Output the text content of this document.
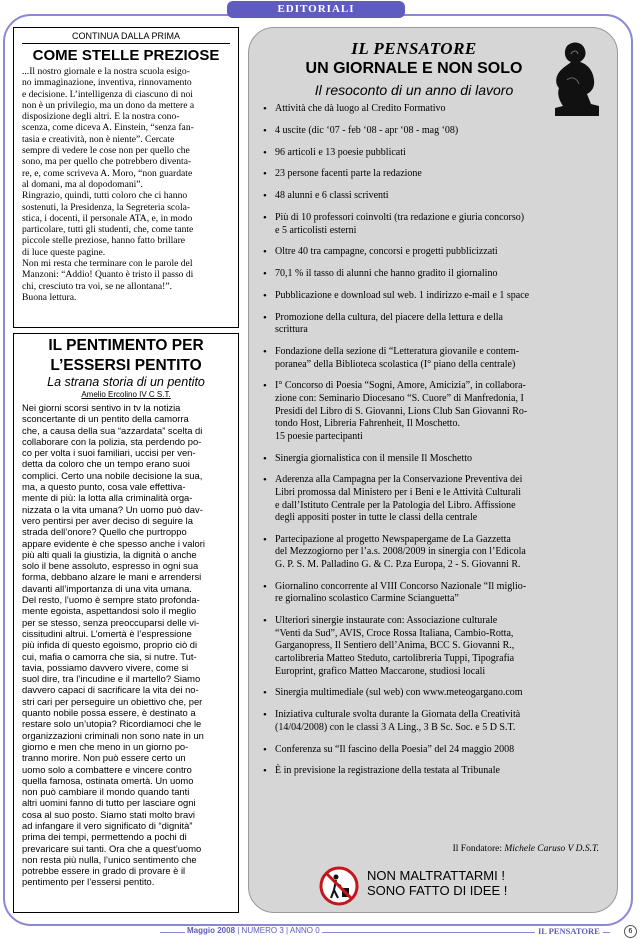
EDITORIALI
CONTINUA DALLA PRIMA
COME STELLE PREZIOSE
...Il nostro giornale e la nostra scuola esigo-
no immaginazione, inventiva, rinnovamento
e decisione. L’intelligenza di ciascuno di noi
non è un privilegio, ma un dono da mettere a
disposizione degli altri. E la nostra cono-
scenza, come diceva A. Einstein, “senza fan-
tasia e creatività, non è niente”. Cercate
sempre di vedere le cose non per quello che
sono, ma per quello che potrebbero diventa-
re, e, come scriveva A. Moro, “non guardate
al domani, ma al dopodomani”.
Ringrazio, quindi, tutti coloro che ci hanno
sostenuti, la Presidenza, la Segreteria scola-
stica, i docenti, il personale ATA, e, in modo
particolare, tutti gli studenti, che, come tante
piccole stelle preziose, hanno fatto brillare
di luce queste pagine.
Non mi resta che terminare con le parole del
Manzoni: “Addio! Quanto è tristo il passo di
chi, cresciuto tra voi, se ne allontana!”.
Buona lettura.
IL PENTIMENTO PER
L’ESSERSI PENTITO
La strana storia di un pentito
Amelio Ercolino IV C S.T.
Nei giorni scorsi sentivo in tv la notizia
sconcertante di un pentito della camorra
che, a causa della sua “azzardata” scelta di
collaborare con la polizia, sta perdendo po-
co per volta i suoi familiari, uccisi per ven-
detta da coloro che un tempo erano suoi
complici. Certo una nobile decisione la sua,
ma, a questo punto, cosa vale effettiva-
mente di più: la lotta alla criminalità orga-
nizzata o la vita umana? Un uomo può dav-
vero pentirsi per aver deciso di seguire la
strada dell’onore? Quello che purtroppo
appare evidente è che spesso anche i valori
più alti quali la giustizia, la dignità o anche
solo il bene assoluto, espresso in ogni sua
forma, debbano alzare le mani e arrendersi
davanti all’importanza di una vita umana.
Del resto, l’uomo è sempre stato profonda-
mente egoista, aspettandosi solo il meglio
per se stesso, senza preoccuparsi delle vi-
cissitudini altrui. L’omertà è l’espressione
più infida di questo egoismo, proprio ciò di
cui, mafia o camorra che sia, si nutre. Tut-
tavia, possiamo davvero vivere, come si
suol dire, tra l’incudine e il martello? Siamo
davvero capaci di sacrificare la vita dei no-
stri cari per perseguire un obiettivo che, per
quanto nobile possa essere, è destinato a
restare solo un’utopia? Ricordiamoci che le
organizzazioni criminali non sono nate in un
giorno e men che meno in un giorno po-
tranno morire. Non può essere certo un
uomo solo a combattere e vincere contro
quella famosa, ostinata omertà. Un uomo
non può cambiare il mondo quando tanti
altri uomini fanno di tutto per lasciare ogni
cosa al suo posto. Siamo stati molto bravi
ad infangare il vero significato di “dignità”
prima dei tempi, permettendo a pochi di
prevaricare sui tanti. Ora che a quest’uomo
non resta più nulla, l’unico sentimento che
potrebbe essere in grado di provare è il
pentimento per l’essersi pentito.
IL PENSATORE
UN GIORNALE E NON SOLO
Il resoconto di un anno di lavoro
• Attività che dà luogo al Credito Formativo
• 4 uscite (dic ‘07 - feb ‘08 - apr ‘08 - mag ‘08)
• 96 articoli e 13 poesie pubblicati
• 23 persone facenti parte la redazione
• 48 alunni e 6 classi scriventi
• Più di 10 professori coinvolti (tra redazione e giuria concorso)
e 5 articolisti esterni
• Oltre 40 tra campagne, concorsi e progetti pubblicizzati
• 70,1 % il tasso di alunni che hanno gradito il giornalino
• Pubblicazione e download sul web. 1 indirizzo e-mail e 1 space
• Promozione della cultura, del piacere della lettura e della
scrittura
• Fondazione della sezione di “Letteratura giovanile e contem-
poranea” della Biblioteca scolastica (I° piano della centrale)
• I° Concorso di Poesia “Sogni, Amore, Amicizia”, in collabora-
zione con: Seminario Diocesano “S. Cuore” di Manfredonia, I
Presidi del Libro di S. Giovanni, Lions Club San Giovanni Ro-
tondo Host, Libreria Fahrenheit, Il Moschetto.
15 poesie partecipanti
• Sinergia giornalistica con il mensile Il Moschetto
• Aderenza alla Campagna per la Conservazione Preventiva dei
Libri promossa dal Ministero per i Beni e le Attività Culturali
e dall’Istituto Centrale per la Patologia del Libro. Affissione
degli appositi poster in tutte le classi della centrale
• Partecipazione al progetto Newspapergame de La Gazzetta
del Mezzogiorno per l’a.s. 2008/2009 in sinergia con l’Edicola
G. P. S. M. Palladino G. & C. P.za Europa, 2 - S. Giovanni R.
• Giornalino concorrente al VIII Concorso Nazionale “Il miglio-
re giornalino scolastico Carmine Scianguetta”
• Ulteriori sinergie instaurate con: Associazione culturale
“Venti da Sud”, AVIS, Croce Rossa Italiana, Cambio-Rotta,
Garganopress, Il Sentiero dell’Anima, BCC S. Giovanni R.,
cartolibreria Matteo Steduto, cartolibreria Tuppi, Tipografia
Europrint, grafico Matteo Maccarone, studiosi locali
• Sinergia multimediale (sul web) con www.meteogargano.com
• Iniziativa culturale svolta durante la Giornata della Creatività
(14/04/2008) con le classi 3 A Ling., 3 B Sc. Soc. e 5 D S.T.
• Conferenza su “Il fascino della Poesia” del 24 maggio 2008
• È in previsione la registrazione della testata al Tribunale
Il Fondatore: Michele Caruso V D.S.T.
NON MALTRATTARMI !
SONO FATTO DI IDEE !
Maggio 2008 | NUMERO 3 | ANNO 0	IL PENSATORE	6
